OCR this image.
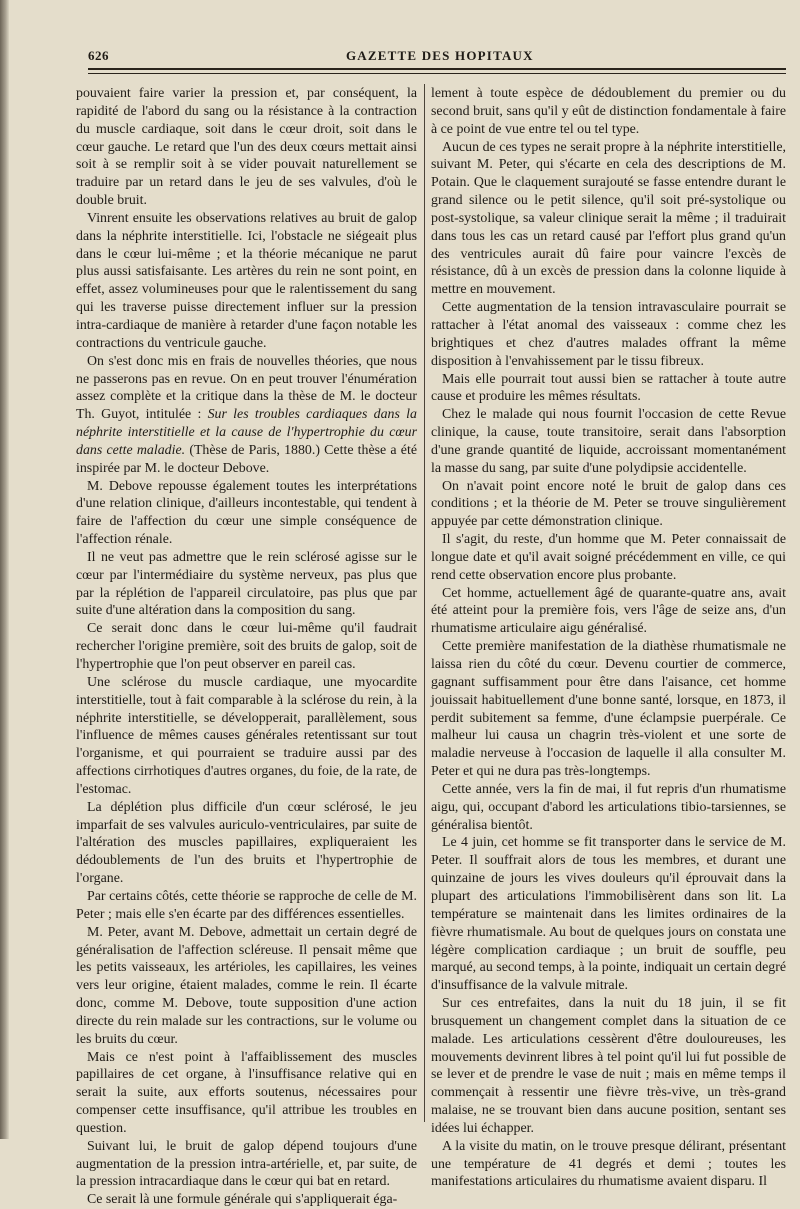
626	GAZETTE DES HOPITAUX

pouvaient faire varier la pression et, par conséquent, la rapidité de l'abord du sang ou la résistance à la contraction du muscle cardiaque, soit dans le cœur droit, soit dans le cœur gauche. Le retard que l'un des deux cœurs mettait ainsi soit à se remplir soit à se vider pouvait naturellement se traduire par un retard dans le jeu de ses valvules, d'où le double bruit.

Vinrent ensuite les observations relatives au bruit de galop dans la néphrite interstitielle. Ici, l'obstacle ne siégeait plus dans le cœur lui-même ; et la théorie mécanique ne parut plus aussi satisfaisante. Les artères du rein ne sont point, en effet, assez volumineuses pour que le ralentissement du sang qui les traverse puisse directement influer sur la pression intra-cardiaque de manière à retarder d'une façon notable les contractions du ventricule gauche.

On s'est donc mis en frais de nouvelles théories, que nous ne passerons pas en revue. On en peut trouver l'énumération assez complète et la critique dans la thèse de M. le docteur Th. Guyot, intitulée : Sur les troubles cardiaques dans la néphrite interstitielle et la cause de l'hypertrophie du cœur dans cette maladie. (Thèse de Paris, 1880.) Cette thèse a été inspirée par M. le docteur Debove.

M. Debove repousse également toutes les interprétations d'une relation clinique, d'ailleurs incontestable, qui tendent à faire de l'affection du cœur une simple conséquence de l'affection rénale.

Il ne veut pas admettre que le rein sclérosé agisse sur le cœur par l'intermédiaire du système nerveux, pas plus que par la réplétion de l'appareil circulatoire, pas plus que par suite d'une altération dans la composition du sang.

Ce serait donc dans le cœur lui-même qu'il faudrait rechercher l'origine première, soit des bruits de galop, soit de l'hypertrophie que l'on peut observer en pareil cas.

Une sclérose du muscle cardiaque, une myocardite interstitielle, tout à fait comparable à la sclérose du rein, à la néphrite interstitielle, se développerait, parallèlement, sous l'influence de mêmes causes générales retentissant sur tout l'organisme, et qui pourraient se traduire aussi par des affections cirrhotiques d'autres organes, du foie, de la rate, de l'estomac.

La déplétion plus difficile d'un cœur sclérosé, le jeu imparfait de ses valvules auriculo-ventriculaires, par suite de l'altération des muscles papillaires, expliqueraient les dédoublements de l'un des bruits et l'hypertrophie de l'organe.

Par certains côtés, cette théorie se rapproche de celle de M. Peter ; mais elle s'en écarte par des différences essentielles.

M. Peter, avant M. Debove, admettait un certain degré de généralisation de l'affection scléreuse. Il pensait même que les petits vaisseaux, les artérioles, les capillaires, les veines vers leur origine, étaient malades, comme le rein. Il écarte donc, comme M. Debove, toute supposition d'une action directe du rein malade sur les contractions, sur le volume ou les bruits du cœur.

Mais ce n'est point à l'affaiblissement des muscles papillaires de cet organe, à l'insuffisance relative qui en serait la suite, aux efforts soutenus, nécessaires pour compenser cette insuffisance, qu'il attribue les troubles en question.

Suivant lui, le bruit de galop dépend toujours d'une augmentation de la pression intra-artérielle, et, par suite, de la pression intracardiaque dans le cœur qui bat en retard.

Ce serait là une formule générale qui s'appliquerait éga-

lement à toute espèce de dédoublement du premier ou du second bruit, sans qu'il y eût de distinction fondamentale à faire à ce point de vue entre tel ou tel type.

Aucun de ces types ne serait propre à la néphrite interstitielle, suivant M. Peter, qui s'écarte en cela des descriptions de M. Potain. Que le claquement surajouté se fasse entendre durant le grand silence ou le petit silence, qu'il soit pré-systolique ou post-systolique, sa valeur clinique serait la même ; il traduirait dans tous les cas un retard causé par l'effort plus grand qu'un des ventricules aurait dû faire pour vaincre l'excès de résistance, dû à un excès de pression dans la colonne liquide à mettre en mouvement.

Cette augmentation de la tension intravasculaire pourrait se rattacher à l'état anomal des vaisseaux : comme chez les brightiques et chez d'autres malades offrant la même disposition à l'envahissement par le tissu fibreux.

Mais elle pourrait tout aussi bien se rattacher à toute autre cause et produire les mêmes résultats.

Chez le malade qui nous fournit l'occasion de cette Revue clinique, la cause, toute transitoire, serait dans l'absorption d'une grande quantité de liquide, accroissant momentanément la masse du sang, par suite d'une polydipsie accidentelle.

On n'avait point encore noté le bruit de galop dans ces conditions ; et la théorie de M. Peter se trouve singulièrement appuyée par cette démonstration clinique.

Il s'agit, du reste, d'un homme que M. Peter connaissait de longue date et qu'il avait soigné précédemment en ville, ce qui rend cette observation encore plus probante.

Cet homme, actuellement âgé de quarante-quatre ans, avait été atteint pour la première fois, vers l'âge de seize ans, d'un rhumatisme articulaire aigu généralisé.

Cette première manifestation de la diathèse rhumatismale ne laissa rien du côté du cœur. Devenu courtier de commerce, gagnant suffisamment pour être dans l'aisance, cet homme jouissait habituellement d'une bonne santé, lorsque, en 1873, il perdit subitement sa femme, d'une éclampsie puerpérale. Ce malheur lui causa un chagrin très-violent et une sorte de maladie nerveuse à l'occasion de laquelle il alla consulter M. Peter et qui ne dura pas très-longtemps.

Cette année, vers la fin de mai, il fut repris d'un rhumatisme aigu, qui, occupant d'abord les articulations tibio-tarsiennes, se généralisa bientôt.

Le 4 juin, cet homme se fit transporter dans le service de M. Peter. Il souffrait alors de tous les membres, et durant une quinzaine de jours les vives douleurs qu'il éprouvait dans la plupart des articulations l'immobilisèrent dans son lit. La température se maintenait dans les limites ordinaires de la fièvre rhumatismale. Au bout de quelques jours on constata une légère complication cardiaque ; un bruit de souffle, peu marqué, au second temps, à la pointe, indiquait un certain degré d'insuffisance de la valvule mitrale.

Sur ces entrefaites, dans la nuit du 18 juin, il se fit brusquement un changement complet dans la situation de ce malade. Les articulations cessèrent d'être douloureuses, les mouvements devinrent libres à tel point qu'il lui fut possible de se lever et de prendre le vase de nuit ; mais en même temps il commençait à ressentir une fièvre très-vive, un très-grand malaise, ne se trouvant bien dans aucune position, sentant ses idées lui échapper.

A la visite du matin, on le trouve presque délirant, présentant une température de 41 degrés et demi ; toutes les manifestations articulaires du rhumatisme avaient disparu. Il
